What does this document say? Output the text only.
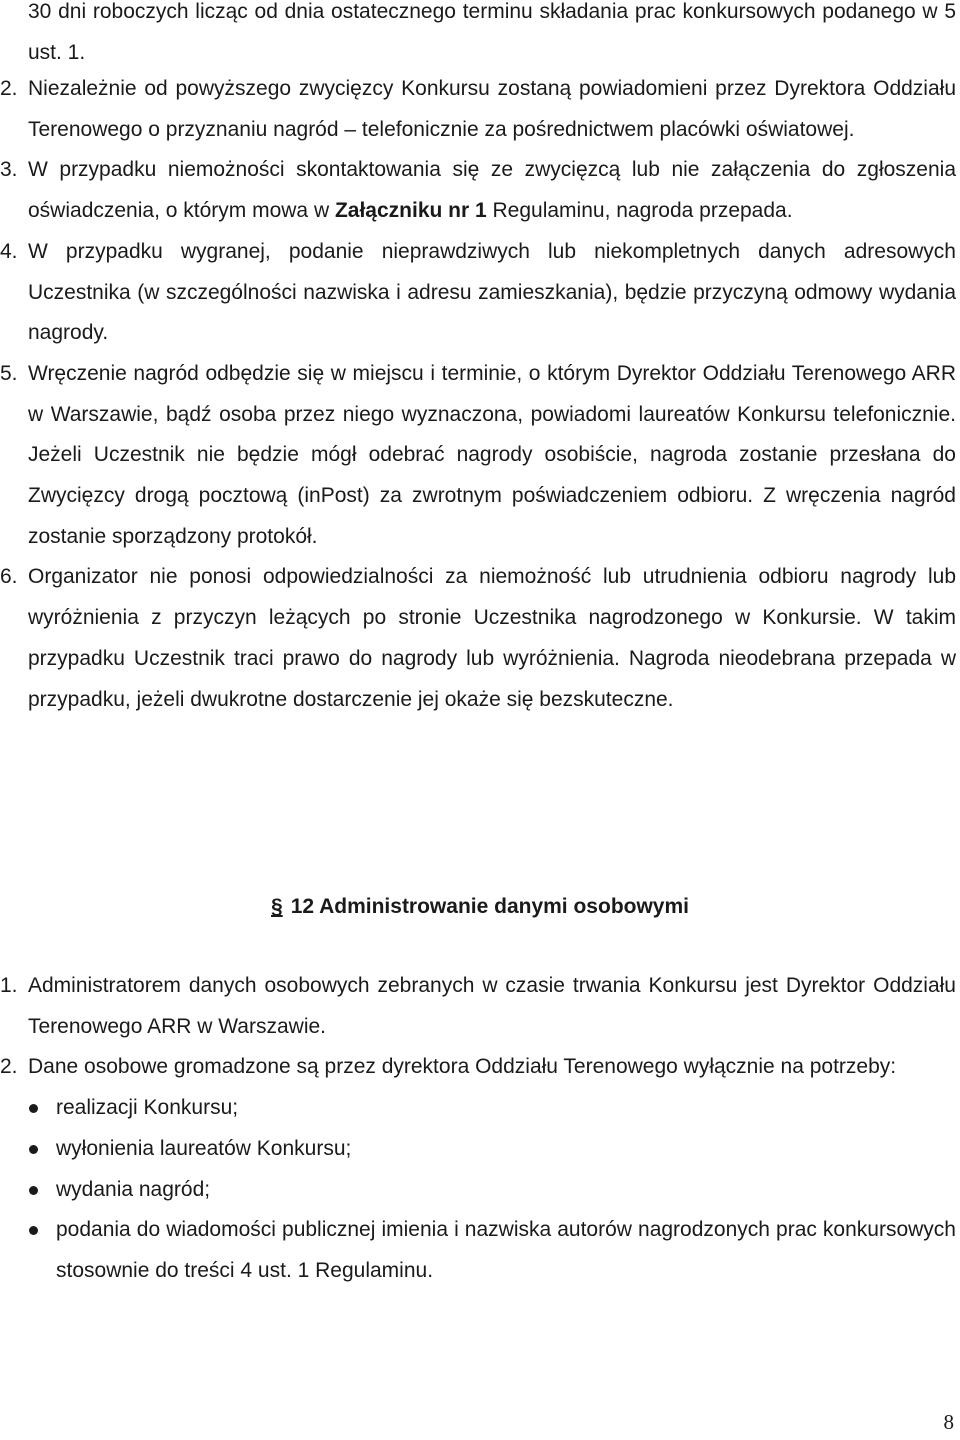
30 dni roboczych licząc od dnia ostatecznego terminu składania prac konkursowych podanego w 5 ust. 1.

2. Niezależnie od powyższego zwycięzcy Konkursu zostaną powiadomieni przez Dyrektora Oddziału Terenowego o przyznaniu nagród – telefonicznie za pośrednictwem placówki oświatowej.

3. W przypadku niemożności skontaktowania się ze zwycięzcą lub nie załączenia do zgłoszenia oświadczenia, o którym mowa w Załączniku nr 1 Regulaminu, nagroda przepada.

4. W przypadku wygranej, podanie nieprawdziwych lub niekompletnych danych adresowych Uczestnika (w szczególności nazwiska i adresu zamieszkania), będzie przyczyną odmowy wydania nagrody.

5. Wręczenie nagród odbędzie się w miejscu i terminie, o którym Dyrektor Oddziału Terenowego ARR w Warszawie, bądź osoba przez niego wyznaczona, powiadomi laureatów Konkursu telefonicznie. Jeżeli Uczestnik nie będzie mógł odebrać nagrody osobiście, nagroda zostanie przesłana do Zwycięzcy drogą pocztową (inPost) za zwrotnym poświadczeniem odbioru. Z wręczenia nagród zostanie sporządzony protokół.

6. Organizator nie ponosi odpowiedzialności za niemożność lub utrudnienia odbioru nagrody lub wyróżnienia z przyczyn leżących po stronie Uczestnika nagrodzonego w Konkursie. W takim przypadku Uczestnik traci prawo do nagrody lub wyróżnienia. Nagroda nieodebrana przepada w przypadku, jeżeli dwukrotne dostarczenie jej okaże się bezskuteczne.

§ 12 Administrowanie danymi osobowymi

1. Administratorem danych osobowych zebranych w czasie trwania Konkursu jest Dyrektor Oddziału Terenowego ARR w Warszawie.

2. Dane osobowe gromadzone są przez dyrektora Oddziału Terenowego wyłącznie na potrzeby:

realizacji Konkursu;
wyłonienia laureatów Konkursu;
wydania nagród;
podania do wiadomości publicznej imienia i nazwiska autorów nagrodzonych prac konkursowych stosownie do treści 4 ust. 1 Regulaminu.
8
